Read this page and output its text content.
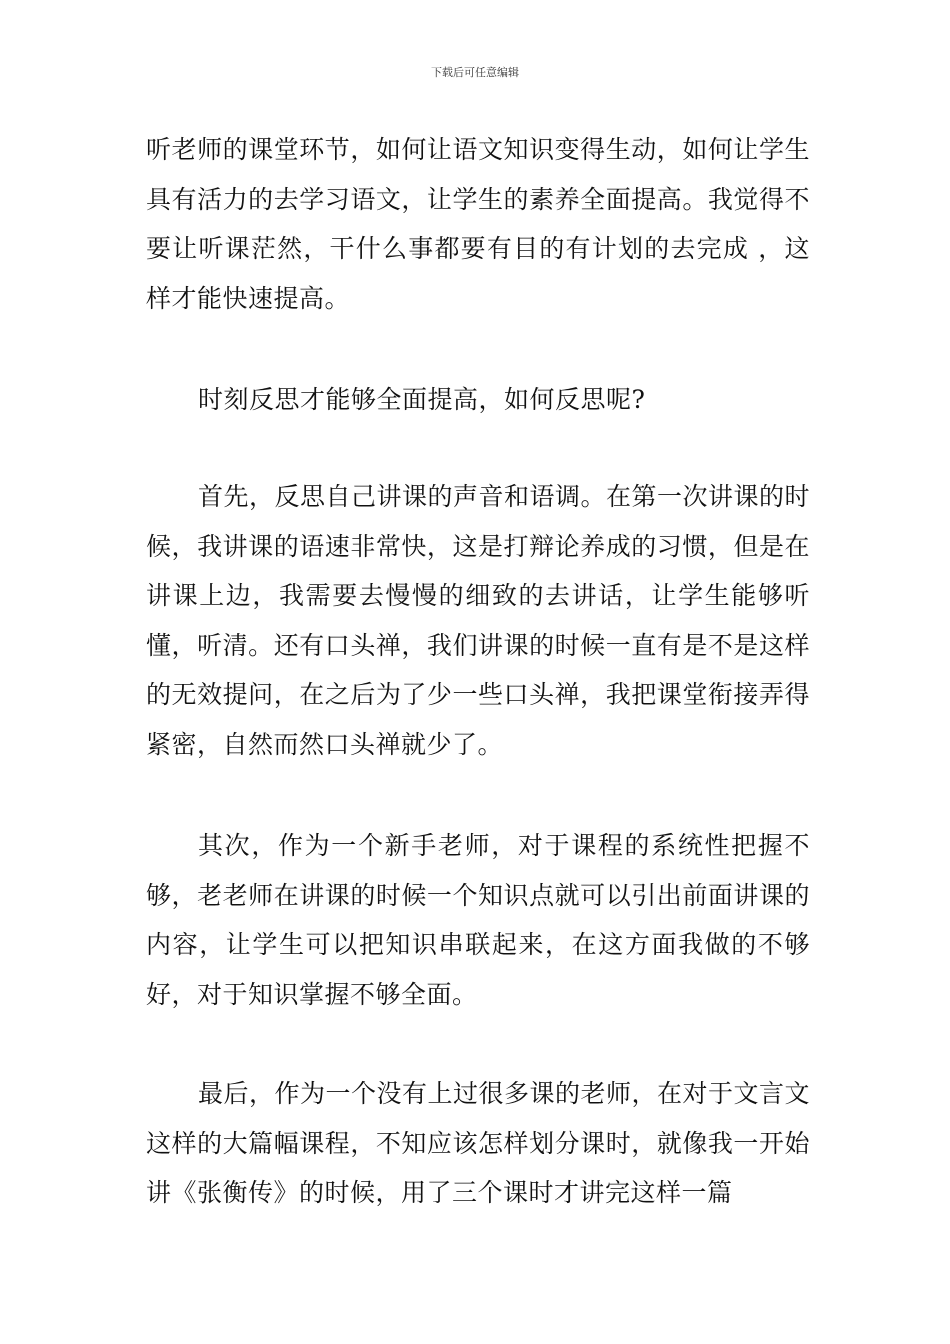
下载后可任意编辑

听老师的课堂环节，如何让语文知识变得生动，如何让学生具有活力的去学习语文，让学生的素养全面提高。我觉得不要让听课茫然，干什么事都要有目的有计划的去完成 ，这样才能快速提高。

时刻反思才能够全面提高，如何反思呢?

首先，反思自己讲课的声音和语调。在第一次讲课的时候，我讲课的语速非常快，这是打辩论养成的习惯，但是在讲课上边，我需要去慢慢的细致的去讲话，让学生能够听懂，听清。还有口头禅，我们讲课的时候一直有是不是这样的无效提问，在之后为了少一些口头禅，我把课堂衔接弄得紧密，自然而然口头禅就少了。

其次，作为一个新手老师，对于课程的系统性把握不够，老老师在讲课的时候一个知识点就可以引出前面讲课的内容，让学生可以把知识串联起来，在这方面我做的不够好，对于知识掌握不够全面。

最后，作为一个没有上过很多课的老师，在对于文言文这样的大篇幅课程，不知应该怎样划分课时，就像我一开始讲《张衡传》的时候，用了三个课时才讲完这样一篇
